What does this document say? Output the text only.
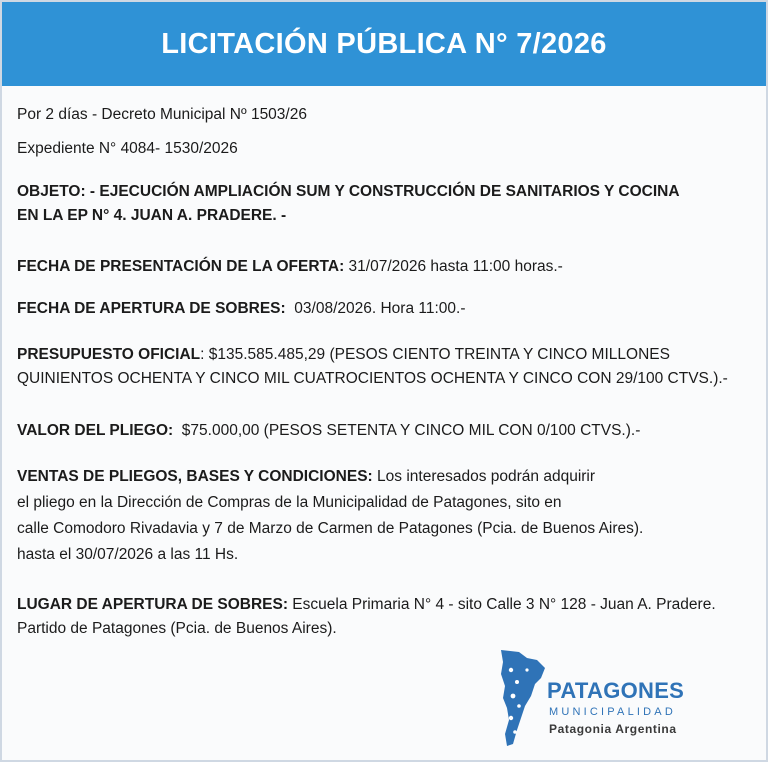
LICITACIÓN PÚBLICA N° 7/2026
Por 2 días - Decreto Municipal Nº 1503/26
Expediente N° 4084- 1530/2026
OBJETO: - EJECUCIÓN AMPLIACIÓN SUM Y CONSTRUCCIÓN DE SANITARIOS Y COCINA
EN LA EP N° 4. JUAN A. PRADERE. -
FECHA DE PRESENTACIÓN DE LA OFERTA: 31/07/2026 hasta 11:00 horas.-
FECHA DE APERTURA DE SOBRES:  03/08/2026. Hora 11:00.-
PRESUPUESTO OFICIAL: $135.585.485,29 (PESOS CIENTO TREINTA Y CINCO MILLONES
QUINIENTOS OCHENTA Y CINCO MIL CUATROCIENTOS OCHENTA Y CINCO CON 29/100 CTVS.).-
VALOR DEL PLIEGO:  $75.000,00 (PESOS SETENTA Y CINCO MIL CON 0/100 CTVS.).-
VENTAS DE PLIEGOS, BASES Y CONDICIONES: Los interesados podrán adquirir
el pliego en la Dirección de Compras de la Municipalidad de Patagones, sito en
calle Comodoro Rivadavia y 7 de Marzo de Carmen de Patagones (Pcia. de Buenos Aires).
hasta el 30/07/2026 a las 11 Hs.
LUGAR DE APERTURA DE SOBRES: Escuela Primaria N° 4 - sito Calle 3 N° 128 - Juan A. Pradere.
Partido de Patagones (Pcia. de Buenos Aires).
PATAGONES
MUNICIPALIDAD
Patagonia Argentina
